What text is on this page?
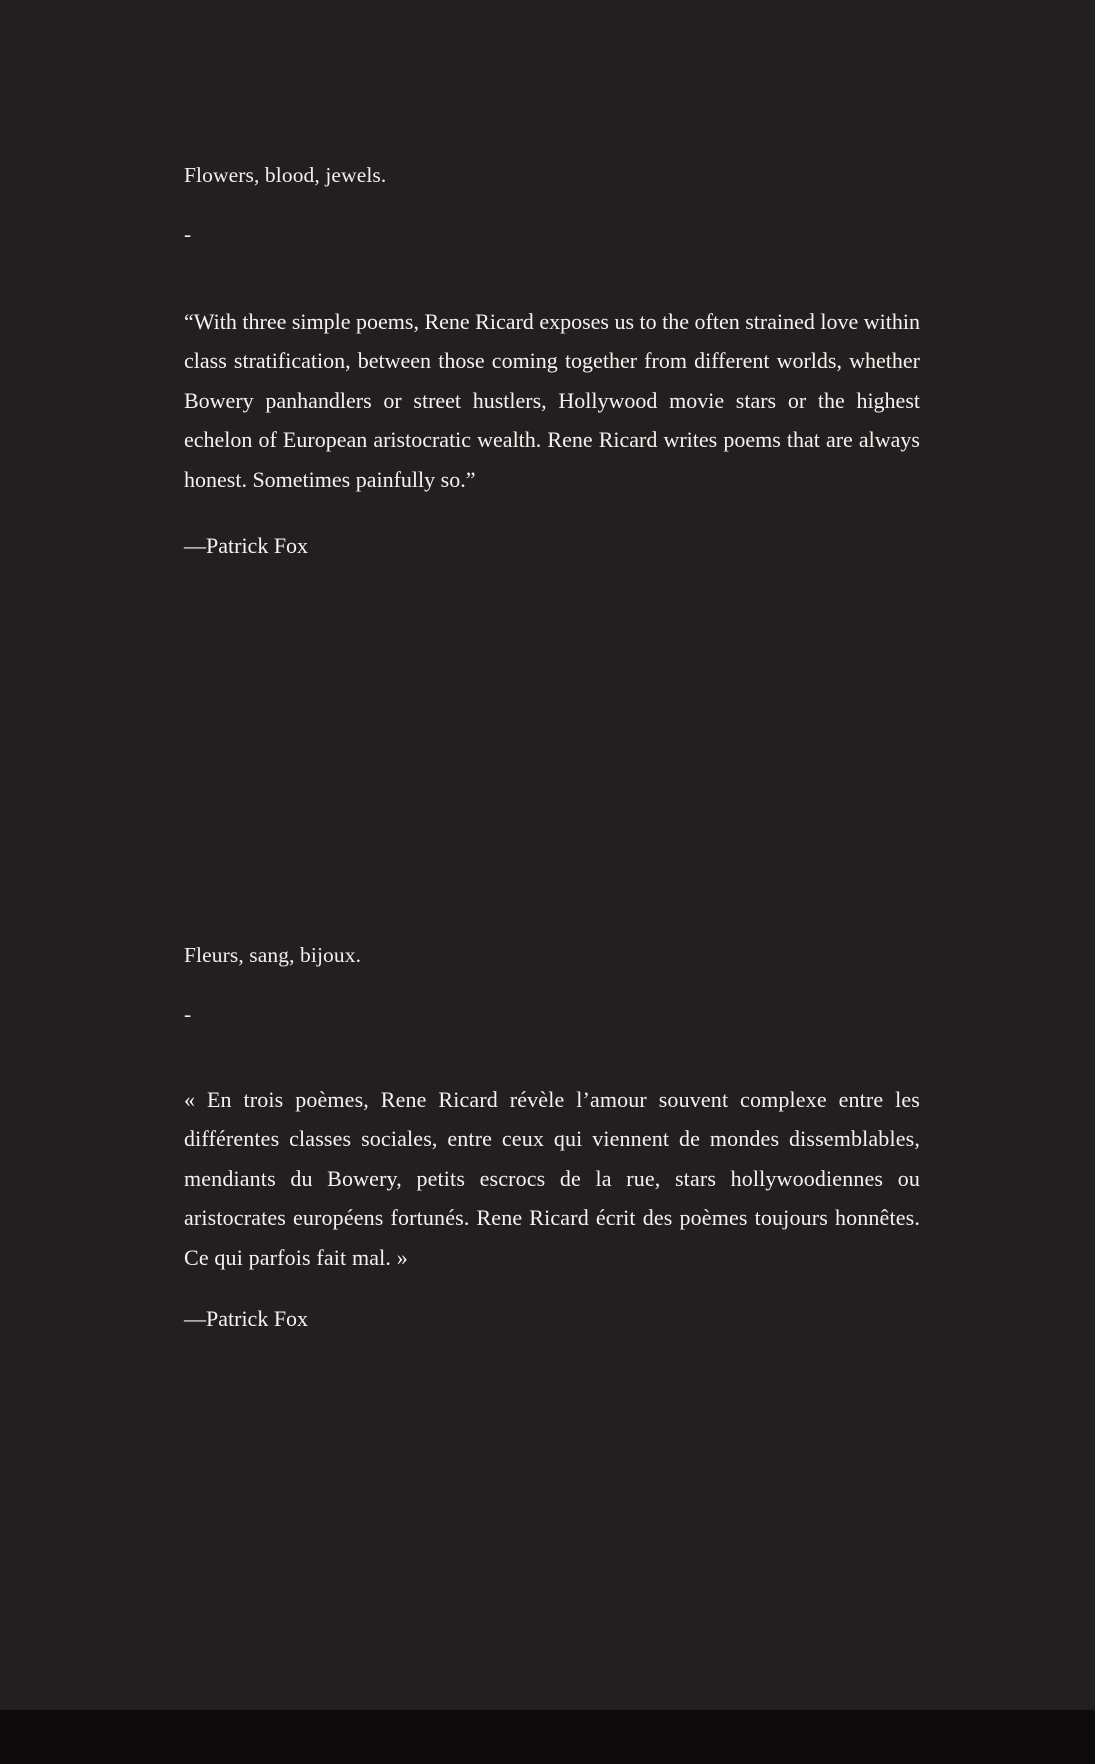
Flowers, blood, jewels.
-

“With three simple poems, Rene Ricard exposes us to the often strained love within class stratification, between those coming together from different worlds, whether Bowery panhandlers or street hustlers, Hollywood movie stars or the highest echelon of European aristocratic wealth. Rene Ricard writes poems that are always honest. Sometimes painfully so.”

—Patrick Fox
Fleurs, sang, bijoux.
-

« En trois poèmes, Rene Ricard révèle l’amour souvent complexe entre les différentes classes sociales, entre ceux qui viennent de mondes dissemblables, mendiants du Bowery, petits escrocs de la rue, stars hollywoodiennes ou aristocrates européens fortunés. Rene Ricard écrit des poèmes toujours honnêtes. Ce qui parfois fait mal. »

—Patrick Fox
